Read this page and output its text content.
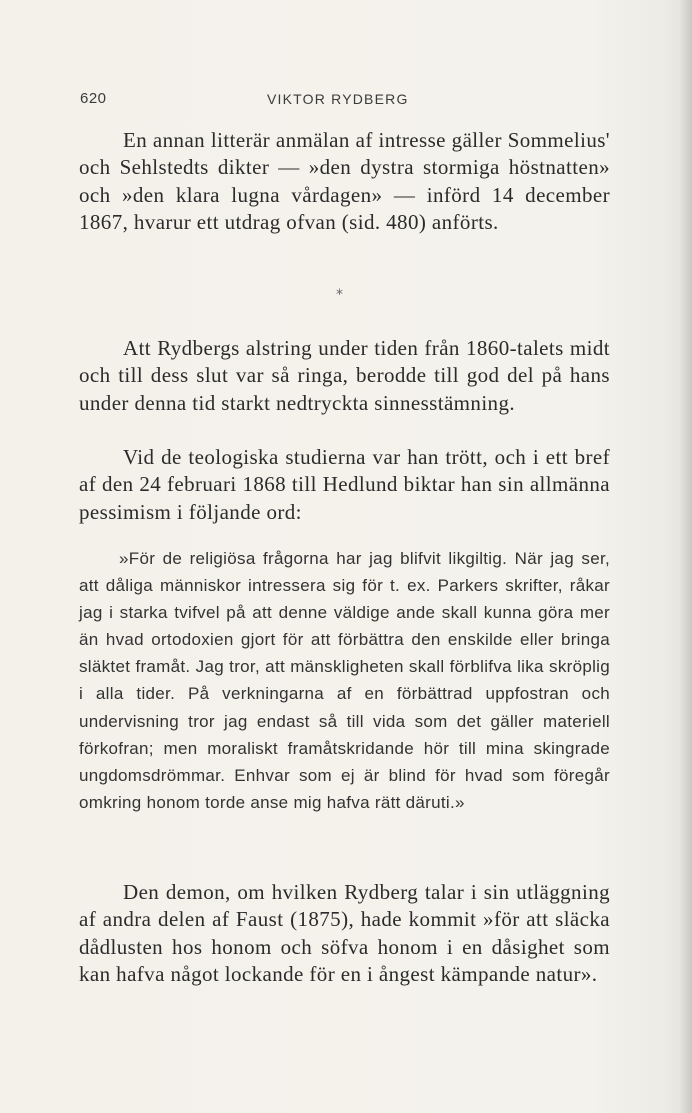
620	VIKTOR RYDBERG

En annan litterär anmälan af intresse gäller Sommelius' och Sehlstedts dikter — »den dystra stormiga höstnatten» och »den klara lugna vårdagen» — införd 14 december 1867, hvarur ett utdrag ofvan (sid. 480) anförts.

*

Att Rydbergs alstring under tiden från 1860-talets midt och till dess slut var så ringa, berodde till god del på hans under denna tid starkt nedtryckta sinnesstämning.

Vid de teologiska studierna var han trött, och i ett bref af den 24 februari 1868 till Hedlund biktar han sin allmänna pessimism i följande ord:

»För de religiösa frågorna har jag blifvit likgiltig. När jag ser, att dåliga människor intressera sig för t. ex. Parkers skrifter, råkar jag i starka tvifvel på att denne väldige ande skall kunna göra mer än hvad ortodoxien gjort för att förbättra den enskilde eller bringa släktet framåt. Jag tror, att mänskligheten skall förblifva lika skröplig i alla tider. På verkningarna af en förbättrad uppfostran och undervisning tror jag endast så till vida som det gäller materiell förkofran; men moraliskt framåtskridande hör till mina skingrade ungdomsdrömmar. Enhvar som ej är blind för hvad som föregår omkring honom torde anse mig hafva rätt däruti.»

Den demon, om hvilken Rydberg talar i sin utläggning af andra delen af Faust (1875), hade kommit »för att släcka dådlusten hos honom och söfva honom i en dåsighet som kan hafva något lockande för en i ångest kämpande natur».
